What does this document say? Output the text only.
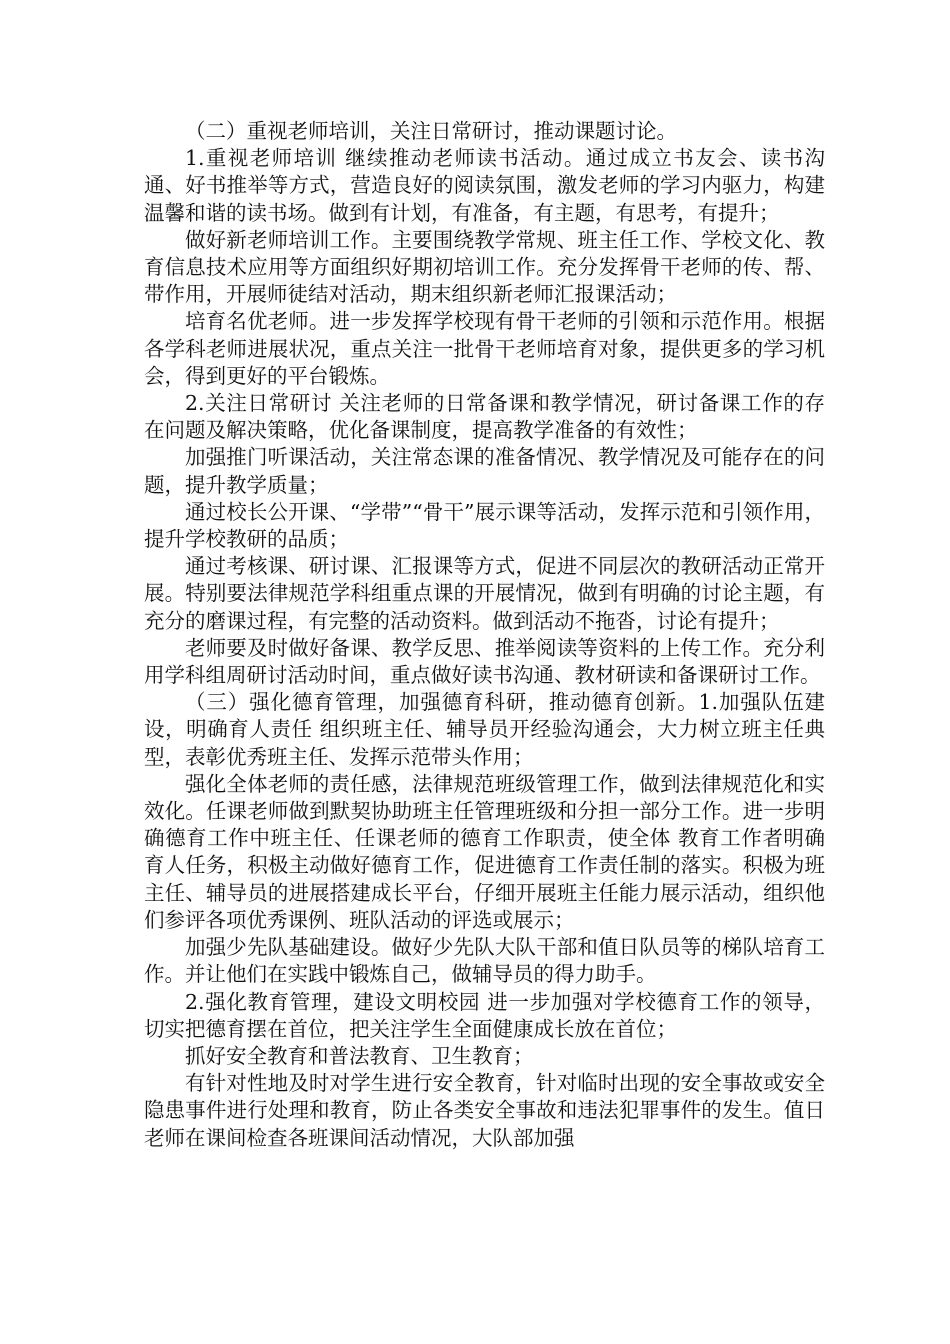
（二）重视老师培训，关注日常研讨，推动课题讨论。

1.重视老师培训 继续推动老师读书活动。通过成立书友会、读书沟通、好书推举等方式，营造良好的阅读氛围，激发老师的学习内驱力，构建温馨和谐的读书场。做到有计划，有准备，有主题，有思考，有提升；

做好新老师培训工作。主要围绕教学常规、班主任工作、学校文化、教育信息技术应用等方面组织好期初培训工作。充分发挥骨干老师的传、帮、带作用，开展师徒结对活动，期末组织新老师汇报课活动；

培育名优老师。进一步发挥学校现有骨干老师的引领和示范作用。根据各学科老师进展状况，重点关注一批骨干老师培育对象，提供更多的学习机会，得到更好的平台锻炼。

2.关注日常研讨 关注老师的日常备课和教学情况，研讨备课工作的存在问题及解决策略，优化备课制度，提高教学准备的有效性；

加强推门听课活动，关注常态课的准备情况、教学情况及可能存在的问题，提升教学质量；

通过校长公开课、“学带”“骨干”展示课等活动，发挥示范和引领作用，提升学校教研的品质；

通过考核课、研讨课、汇报课等方式，促进不同层次的教研活动正常开展。特别要法律规范学科组重点课的开展情况，做到有明确的讨论主题，有充分的磨课过程，有完整的活动资料。做到活动不拖沓，讨论有提升；

老师要及时做好备课、教学反思、推举阅读等资料的上传工作。充分利用学科组周研讨活动时间，重点做好读书沟通、教材研读和备课研讨工作。

（三）强化德育管理，加强德育科研，推动德育创新。1.加强队伍建设，明确育人责任 组织班主任、辅导员开经验沟通会，大力树立班主任典型，表彰优秀班主任、发挥示范带头作用；

强化全体老师的责任感，法律规范班级管理工作，做到法律规范化和实效化。任课老师做到默契协助班主任管理班级和分担一部分工作。进一步明确德育工作中班主任、任课老师的德育工作职责，使全体 教育工作者明确育人任务，积极主动做好德育工作，促进德育工作责任制的落实。积极为班主任、辅导员的进展搭建成长平台，仔细开展班主任能力展示活动，组织他们参评各项优秀课例、班队活动的评选或展示；

加强少先队基础建设。做好少先队大队干部和值日队员等的梯队培育工作。并让他们在实践中锻炼自己，做辅导员的得力助手。

2.强化教育管理，建设文明校园 进一步加强对学校德育工作的领导，切实把德育摆在首位，把关注学生全面健康成长放在首位；

抓好安全教育和普法教育、卫生教育；

有针对性地及时对学生进行安全教育，针对临时出现的安全事故或安全隐患事件进行处理和教育，防止各类安全事故和违法犯罪事件的发生。值日老师在课间检查各班课间活动情况，大队部加强
